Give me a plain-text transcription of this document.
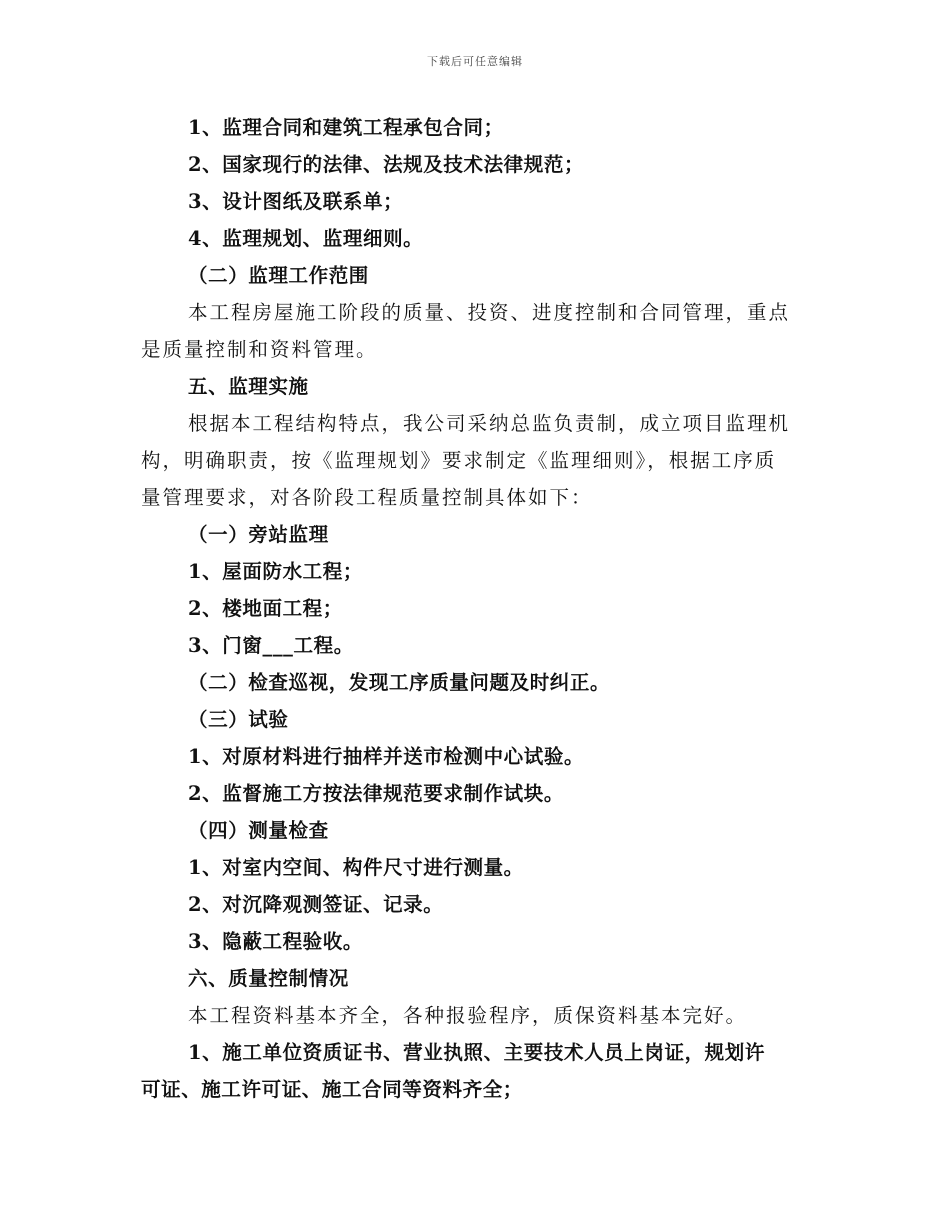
下载后可任意编辑
1、监理合同和建筑工程承包合同；
2、国家现行的法律、法规及技术法律规范；
3、设计图纸及联系单；
4、监理规划、监理细则。
（二）监理工作范围
本工程房屋施工阶段的质量、投资、进度控制和合同管理，重点
是质量控制和资料管理。
五、监理实施
根据本工程结构特点，我公司采纳总监负责制，成立项目监理机
构，明确职责，按《监理规划》要求制定《监理细则》，根据工序质
量管理要求，对各阶段工程质量控制具体如下：
（一）旁站监理
1、屋面防水工程；
2、楼地面工程；
3、门窗___工程。
（二）检查巡视，发现工序质量问题及时纠正。
（三）试验
1、对原材料进行抽样并送市检测中心试验。
2、监督施工方按法律规范要求制作试块。
（四）测量检查
1、对室内空间、构件尺寸进行测量。
2、对沉降观测签证、记录。
3、隐蔽工程验收。
六、质量控制情况
本工程资料基本齐全，各种报验程序，质保资料基本完好。
1、施工单位资质证书、营业执照、主要技术人员上岗证，规划许
可证、施工许可证、施工合同等资料齐全；
